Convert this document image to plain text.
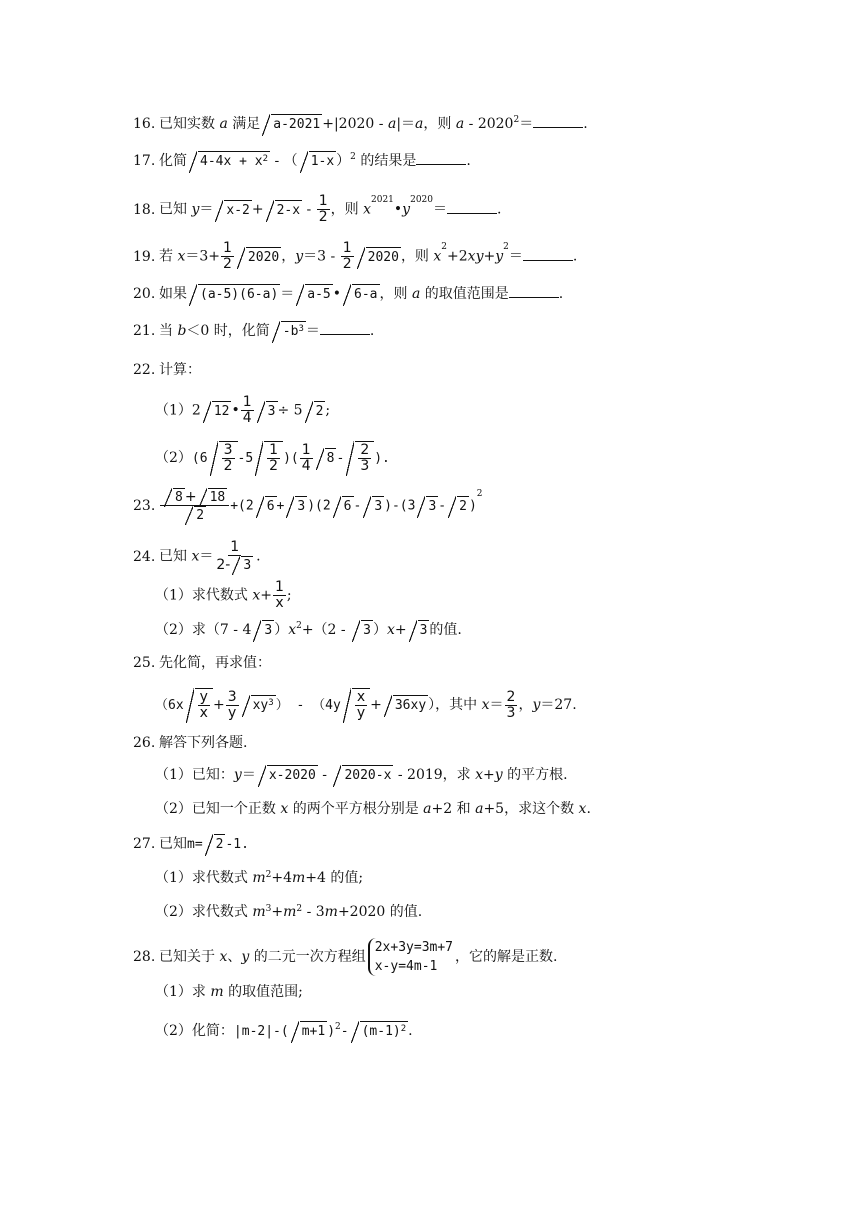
16. 已知实数 a 满足 a-2021 +|2020 - a|＝a，则 $a - 2020^2=$	.
17. 化简 $4-4x + x^2$ - （ 1-x ）$^2$ 的结果是	.
18. 已知 $y= x-2 + 2-x - \frac{1}{2}$ ，则 $x^{2021}•y^{2020}=$	.
19. 若 $x=3+ \frac{1}{2} 2020$ ，$y=3 - \frac{1}{2} 2020$ ，则 $x^2+2xy+y^2=$	.
20. 如果 (a-5)(6-a) ＝ a-5 • 6-a ，则 a 的取值范围是	.
21. 当 b＜0 时，化简 $-b^3$ ＝	.
22. 计算：
（1）2 12 • $\frac{1}{4} 3 \div 5$ 2 ;
$(2)(6 \frac{3}{2} -5 \frac{1}{2}$ )( $\frac{1}{4} 8 - \frac{2}{3}$ ).
23. $\frac{8 + 18}{2} +(2$ 6 + 3 )(2 6 - 3 )-(3 3 - 2 )$^2$
24. 已知 $x= \frac{1}{2- 3}$ .
（1）求代数式 $x+ \frac{1}{x}$ ;
（2）求（7 - 4 3 ）$x^2+(2 - 3$ ）x+ 3 的值.
25. 先化简，再求值：
（$6x \frac{y}{x} + \frac{3}{y} xy^3$ ） - （$4y \frac{x}{y} + 36xy$ ），其中 $x= \frac{2}{3}$ ，y＝27.
26. 解答下列各题.
（1）已知：y＝ x-2020 - 2020-x - 2019，求 x+y 的平方根.
（2）已知一个正数 x 的两个平方根分别是 a+2 和 a+5，求这个数 x.
27. 已知m= 2 -1.
（1）求代数式 $m^2+4m+4$ 的值;
（2）求代数式 $m^3+m^2 - 3m+2020$ 的值.
28. 已知关于 x、y 的二元一次方程组
2x+3y=3m+7
x-y=4m-1
，它的解是正数.
（1）求 m 的取值范围;
（2）化简：|m-2|-( m+1 )$^2$- $(m-1)^2$ .
